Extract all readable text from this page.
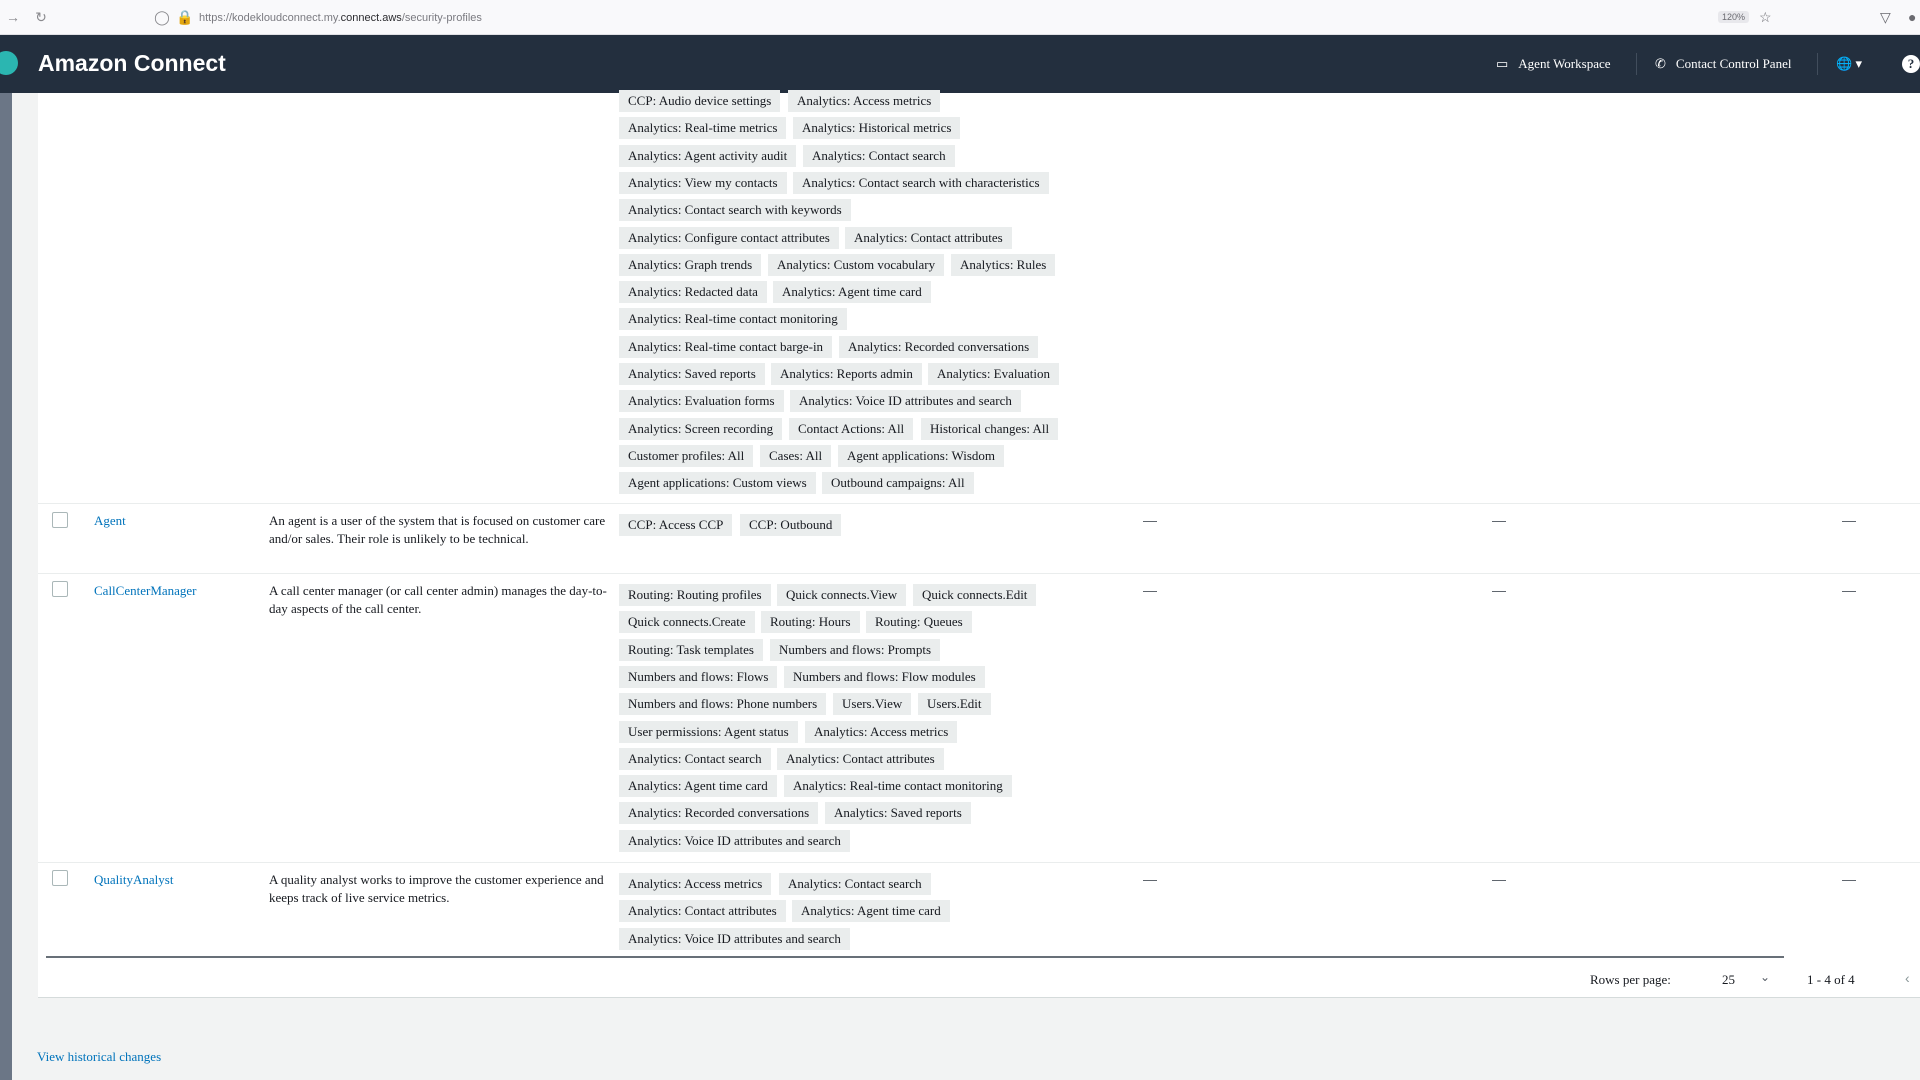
→ ↻	◯ 🔒 https://kodekloudconnect.my.connect.aws/security-profiles	120% ☆	▽ ●
Amazon Connect	▭ Agent Workspace	✆ Contact Control Panel	🌐 ▾	?
CCP: Audio device settings	Analytics: Access metrics
Analytics: Real-time metrics	Analytics: Historical metrics
Analytics: Agent activity audit	Analytics: Contact search
Analytics: View my contacts	Analytics: Contact search with characteristics
Analytics: Contact search with keywords
Analytics: Configure contact attributes	Analytics: Contact attributes
Analytics: Graph trends	Analytics: Custom vocabulary	Analytics: Rules
Analytics: Redacted data	Analytics: Agent time card
Analytics: Real-time contact monitoring
Analytics: Real-time contact barge-in	Analytics: Recorded conversations
Analytics: Saved reports	Analytics: Reports admin	Analytics: Evaluation
Analytics: Evaluation forms	Analytics: Voice ID attributes and search
Analytics: Screen recording	Contact Actions: All	Historical changes: All
Customer profiles: All	Cases: All	Agent applications: Wisdom
Agent applications: Custom views	Outbound campaigns: All
Agent	An agent is a user of the system that is focused on customer care and/or sales. Their role is unlikely to be technical.
CCP: Access CCP	CCP: Outbound	—	—	—
CallCenterManager	A call center manager (or call center admin) manages the day-to-day aspects of the call center.
Routing: Routing profiles	Quick connects.View	Quick connects.Edit
Quick connects.Create	Routing: Hours	Routing: Queues
Routing: Task templates	Numbers and flows: Prompts
Numbers and flows: Flows	Numbers and flows: Flow modules
Numbers and flows: Phone numbers	Users.View	Users.Edit
User permissions: Agent status	Analytics: Access metrics
Analytics: Contact search	Analytics: Contact attributes
Analytics: Agent time card	Analytics: Real-time contact monitoring
Analytics: Recorded conversations	Analytics: Saved reports
Analytics: Voice ID attributes and search
—	—	—
QualityAnalyst	A quality analyst works to improve the customer experience and keeps track of live service metrics.
Analytics: Access metrics	Analytics: Contact search
Analytics: Contact attributes	Analytics: Agent time card
Analytics: Voice ID attributes and search
—	—	—
Rows per page:	25 ⌄	1 - 4 of 4	‹
View historical changes
